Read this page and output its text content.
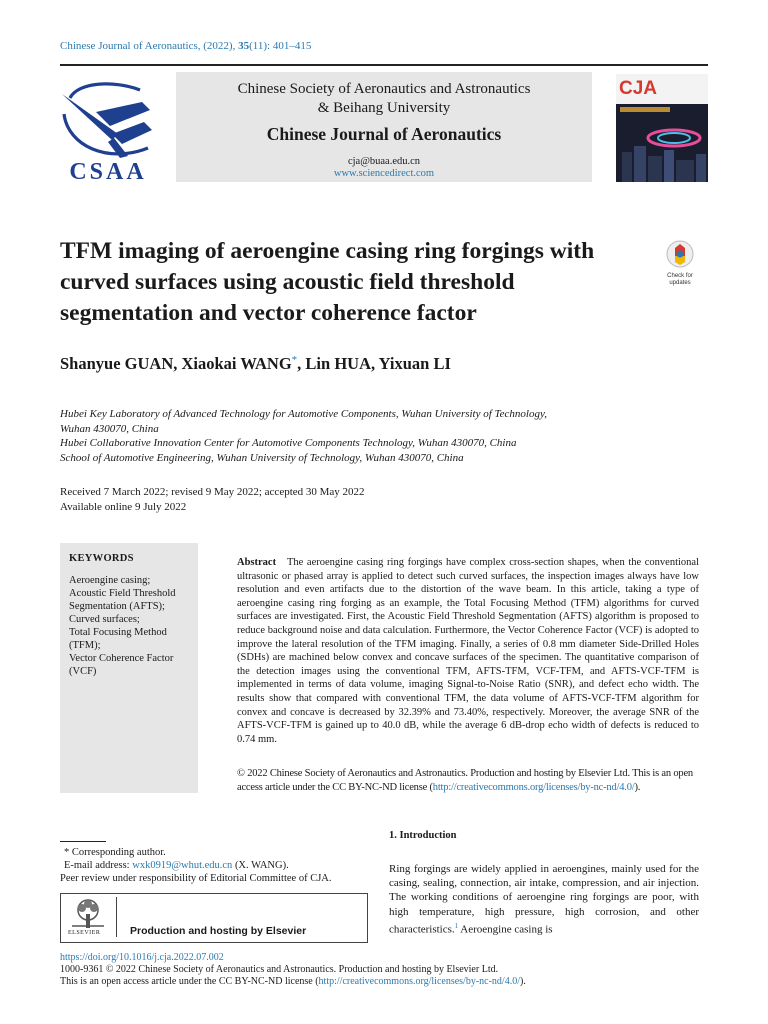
Chinese Journal of Aeronautics, (2022), 35(11): 401–415
CSAA
Chinese Society of Aeronautics and Astronautics
& Beihang University
Chinese Journal of Aeronautics
cja@buaa.edu.cn
www.sciencedirect.com
CJA
TFM imaging of aeroengine casing ring forgings with curved surfaces using acoustic field threshold segmentation and vector coherence factor
Check for updates
Shanyue GUAN, Xiaokai WANG*, Lin HUA, Yixuan LI
Hubei Key Laboratory of Advanced Technology for Automotive Components, Wuhan University of Technology,
Wuhan 430070, China
Hubei Collaborative Innovation Center for Automotive Components Technology, Wuhan 430070, China
School of Automotive Engineering, Wuhan University of Technology, Wuhan 430070, China
Received 7 March 2022; revised 9 May 2022; accepted 30 May 2022
Available online 9 July 2022
KEYWORDS
Aeroengine casing;
Acoustic Field Threshold
Segmentation (AFTS);
Curved surfaces;
Total Focusing Method
(TFM);
Vector Coherence Factor
(VCF)
Abstract The aeroengine casing ring forgings have complex cross-section shapes, when the conventional ultrasonic or phased array is applied to detect such curved surfaces, the inspection images always have low resolution and even artifacts due to the distortion of the wave beam. In this article, taking a type of aeroengine casing ring forging as an example, the Total Focusing Method (TFM) algorithms for curved surfaces are investigated. First, the Acoustic Field Threshold Segmentation (AFTS) algorithm is proposed to reduce background noise and data calculation. Furthermore, the Vector Coherence Factor (VCF) is adopted to improve the lateral resolution of the TFM imaging. Finally, a series of 0.8 mm diameter Side-Drilled Holes (SDHs) are machined below convex and concave surfaces of the specimen. The quantitative comparison of the detection images using the conventional TFM, AFTS-TFM, VCF-TFM, and AFTS-VCF-TFM is implemented in terms of data volume, imaging Signal-to-Noise Ratio (SNR), and defect echo width. The results show that compared with conventional TFM, the data volume of AFTS-VCF-TFM algorithm for convex and concave is decreased by 32.39% and 73.40%, respectively. Moreover, the average SNR of the AFTS-VCF-TFM is gained up to 40.0 dB, while the average 6 dB-drop echo width of defects is reduced to 0.74 mm.
© 2022 Chinese Society of Aeronautics and Astronautics. Production and hosting by Elsevier Ltd. This is an open access article under the CC BY-NC-ND license (http://creativecommons.org/licenses/by-nc-nd/4.0/).
* Corresponding author.
E-mail address: wxk0919@whut.edu.cn (X. WANG).
Peer review under responsibility of Editorial Committee of CJA.
ELSEVIER	Production and hosting by Elsevier
1. Introduction
Ring forgings are widely applied in aeroengines, mainly used for the casing, sealing, connection, air intake, compression, and air injection. The working conditions of aeroengine ring forgings are poor, with high temperature, high pressure, high corrosion, and other characteristics.$^1$ Aeroengine casing is
https://doi.org/10.1016/j.cja.2022.07.002
1000-9361 © 2022 Chinese Society of Aeronautics and Astronautics. Production and hosting by Elsevier Ltd.
This is an open access article under the CC BY-NC-ND license (http://creativecommons.org/licenses/by-nc-nd/4.0/).
